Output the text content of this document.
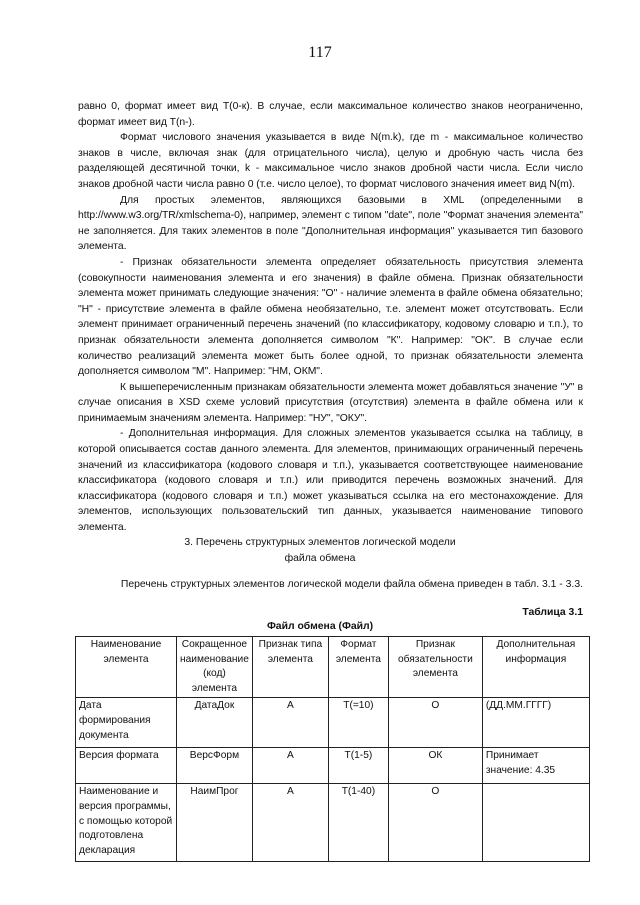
117

равно 0, формат имеет вид T(0-к). В случае, если максимальное количество знаков неограниченно, формат имеет вид T(n-).

Формат числового значения указывается в виде N(m.k), где m - максимальное количество знаков в числе, включая знак (для отрицательного числа), целую и дробную часть числа без разделяющей десятичной точки, k - максимальное число знаков дробной части числа. Если число знаков дробной части числа равно 0 (т.е. число целое), то формат числового значения имеет вид N(m).

Для простых элементов, являющихся базовыми в XML (определенными в http://www.w3.org/TR/xmlschema-0), например, элемент с типом "date", поле "Формат значения элемента" не заполняется. Для таких элементов в поле "Дополнительная информация" указывается тип базового элемента.

- Признак обязательности элемента определяет обязательность присутствия элемента (совокупности наименования элемента и его значения) в файле обмена. Признак обязательности элемента может принимать следующие значения: "О" - наличие элемента в файле обмена обязательно; "Н" - присутствие элемента в файле обмена необязательно, т.е. элемент может отсутствовать. Если элемент принимает ограниченный перечень значений (по классификатору, кодовому словарю и т.п.), то признак обязательности элемента дополняется символом "К". Например: "ОК". В случае если количество реализаций элемента может быть более одной, то признак обязательности элемента дополняется символом "М". Например: "НМ, ОКМ".

К вышеперечисленным признакам обязательности элемента может добавляться значение "У" в случае описания в XSD схеме условий присутствия (отсутствия) элемента в файле обмена или к принимаемым значениям элемента. Например: "НУ", "ОКУ".

- Дополнительная информация. Для сложных элементов указывается ссылка на таблицу, в которой описывается состав данного элемента. Для элементов, принимающих ограниченный перечень значений из классификатора (кодового словаря и т.п.), указывается соответствующее наименование классификатора (кодового словаря и т.п.) или приводится перечень возможных значений. Для классификатора (кодового словаря и т.п.) может указываться ссылка на его местонахождение. Для элементов, использующих пользовательский тип данных, указывается наименование типового элемента.

3. Перечень структурных элементов логической модели
файла обмена
Перечень структурных элементов логической модели файла обмена приведен в табл. 3.1 - 3.3.
Таблица 3.1
Файл обмена (Файл)
Наименование элемента	Сокращенное наименование (код) элемента	Признак типа элемента	Формат элемента	Признак обязательности элемента	Дополнительная информация
Дата формирования документа	ДатаДок	А	T(=10)	О	(ДД.ММ.ГГГГ)
Версия формата	ВерсФорм	А	T(1-5)	ОК	Принимает значение: 4.35
Наименование и версия программы, с помощью которой подготовлена декларация	НаимПрог	А	T(1-40)	О	
